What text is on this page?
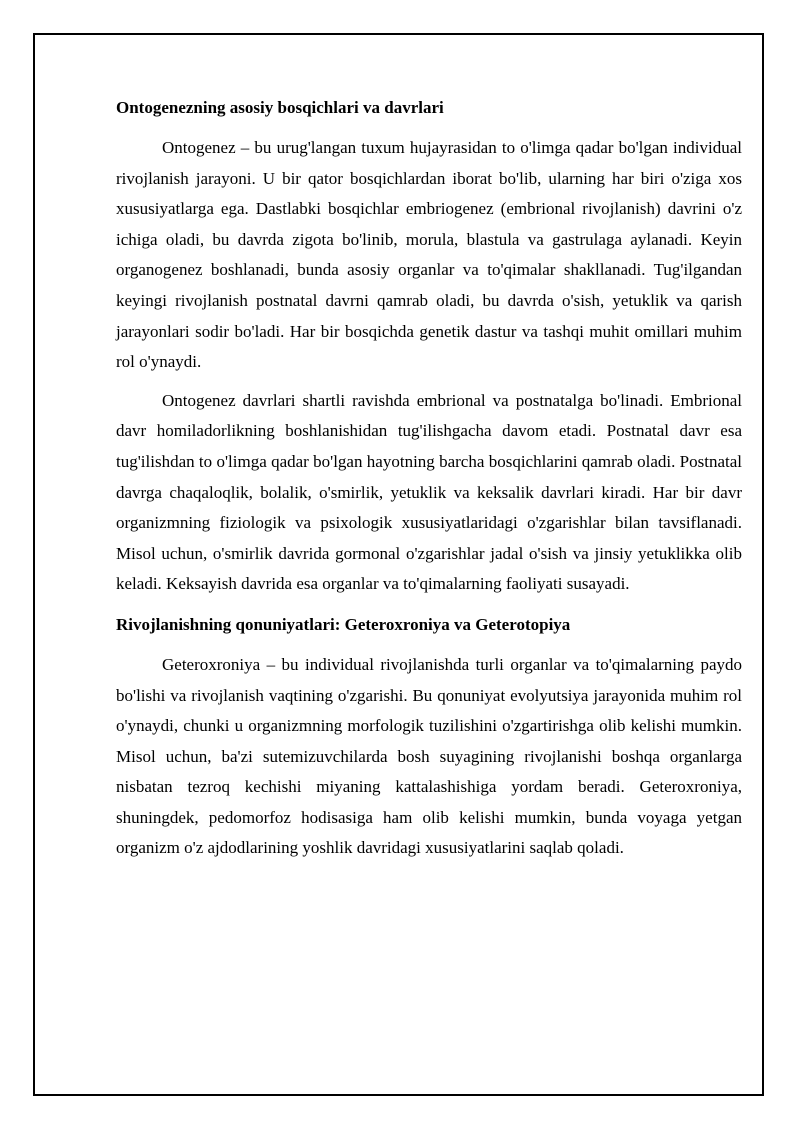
Ontogenezning asosiy bosqichlari va davrlari

Ontogenez – bu urug'langan tuxum hujayrasidan to o'limga qadar bo'lgan individual rivojlanish jarayoni. U bir qator bosqichlardan iborat bo'lib, ularning har biri o'ziga xos xususiyatlarga ega. Dastlabki bosqichlar embriogenez (embrional rivojlanish) davrini o'z ichiga oladi, bu davrda zigota bo'linib, morula, blastula va gastrulaga aylanadi. Keyin organogenez boshlanadi, bunda asosiy organlar va to'qimalar shakllanadi. Tug'ilgandan keyingi rivojlanish postnatal davrni qamrab oladi, bu davrda o'sish, yetuklik va qarish jarayonlari sodir bo'ladi. Har bir bosqichda genetik dastur va tashqi muhit omillari muhim rol o'ynaydi.

Ontogenez davrlari shartli ravishda embrional va postnatalga bo'linadi. Embrional davr homiladorlikning boshlanishidan tug'ilishgacha davom etadi. Postnatal davr esa tug'ilishdan to o'limga qadar bo'lgan hayotning barcha bosqichlarini qamrab oladi. Postnatal davrga chaqaloqlik, bolalik, o'smirlik, yetuklik va keksalik davrlari kiradi. Har bir davr organizmning fiziologik va psixologik xususiyatlaridagi o'zgarishlar bilan tavsiflanadi. Misol uchun, o'smirlik davrida gormonal o'zgarishlar jadal o'sish va jinsiy yetuklikka olib keladi. Keksayish davrida esa organlar va to'qimalarning faoliyati susayadi.

Rivojlanishning qonuniyatlari: Geteroxroniya va Geterotopiya

Geteroxroniya – bu individual rivojlanishda turli organlar va to'qimalarning paydo bo'lishi va rivojlanish vaqtining o'zgarishi. Bu qonuniyat evolyutsiya jarayonida muhim rol o'ynaydi, chunki u organizmning morfologik tuzilishini o'zgartirishga olib kelishi mumkin. Misol uchun, ba'zi sutemizuvchilarda bosh suyagining rivojlanishi boshqa organlarga nisbatan tezroq kechishi miyaning kattalashishiga yordam beradi. Geteroxroniya, shuningdek, pedomorfoz hodisasiga ham olib kelishi mumkin, bunda voyaga yetgan organizm o'z ajdodlarining yoshlik davridagi xususiyatlarini saqlab qoladi.
